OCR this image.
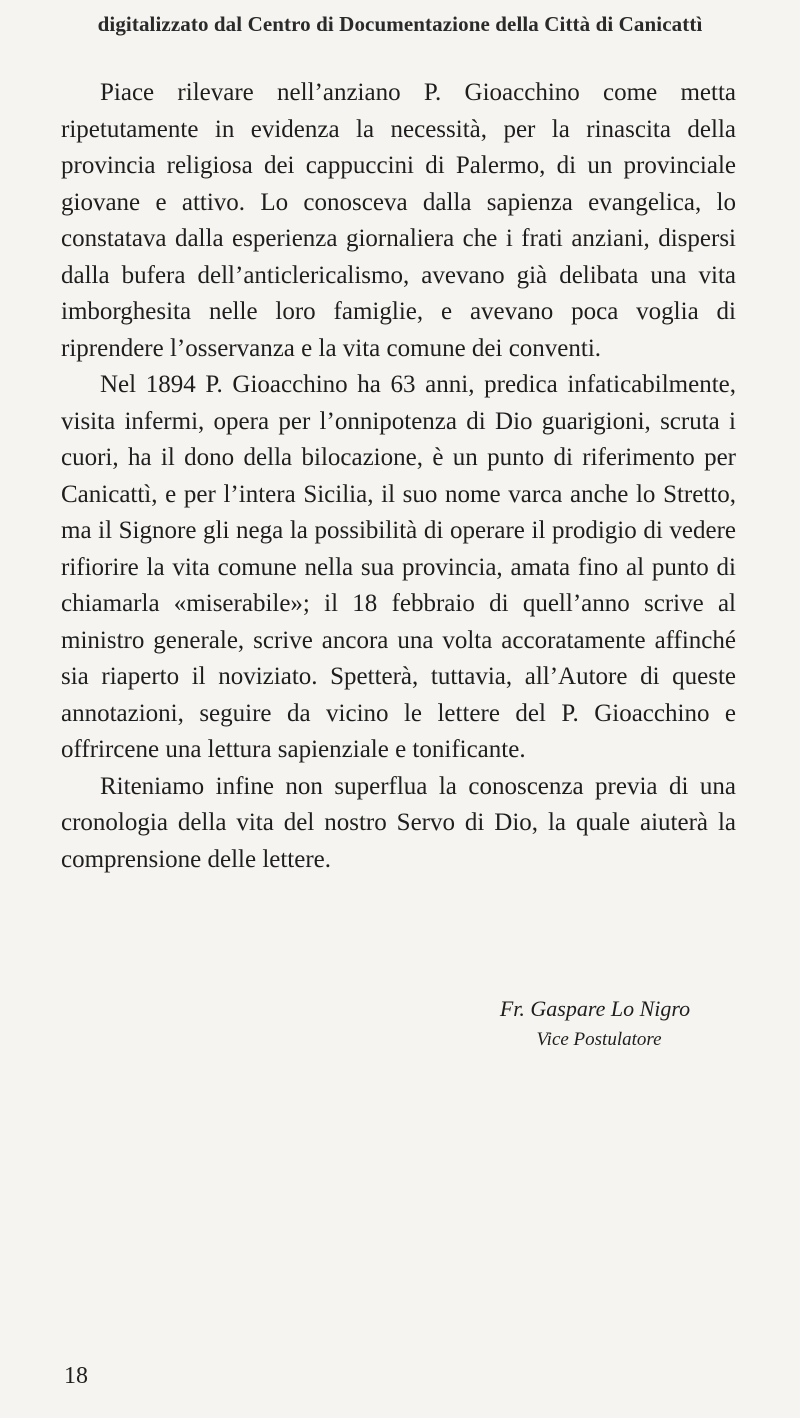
digitalizzato dal Centro di Documentazione della Città di Canicattì

Piace rilevare nell’anziano P. Gioacchino come metta ripetutamente in evidenza la necessità, per la rinascita della provincia religiosa dei cappuccini di Palermo, di un provinciale giovane e attivo. Lo conosceva dalla sapienza evangelica, lo constatava dalla esperienza giornaliera che i frati anziani, dispersi dalla bufera dell’anticlericalismo, avevano già delibata una vita imborghesita nelle loro famiglie, e avevano poca voglia di riprendere l’osservanza e la vita comune dei conventi.

Nel 1894 P. Gioacchino ha 63 anni, predica infaticabilmente, visita infermi, opera per l’onnipotenza di Dio guarigioni, scruta i cuori, ha il dono della bilocazione, è un punto di riferimento per Canicattì, e per l’intera Sicilia, il suo nome varca anche lo Stretto, ma il Signore gli nega la possibilità di operare il prodigio di vedere rifiorire la vita comune nella sua provincia, amata fino al punto di chiamarla «miserabile»; il 18 febbraio di quell’anno scrive al ministro generale, scrive ancora una volta accoratamente affinché sia riaperto il noviziato. Spetterà, tuttavia, all’Autore di queste annotazioni, seguire da vicino le lettere del P. Gioacchino e offrircene una lettura sapienziale e tonificante.

Riteniamo infine non superflua la conoscenza previa di una cronologia della vita del nostro Servo di Dio, la quale aiuterà la comprensione delle lettere.

Fr. Gaspare Lo Nigro
Vice Postulatore
18
